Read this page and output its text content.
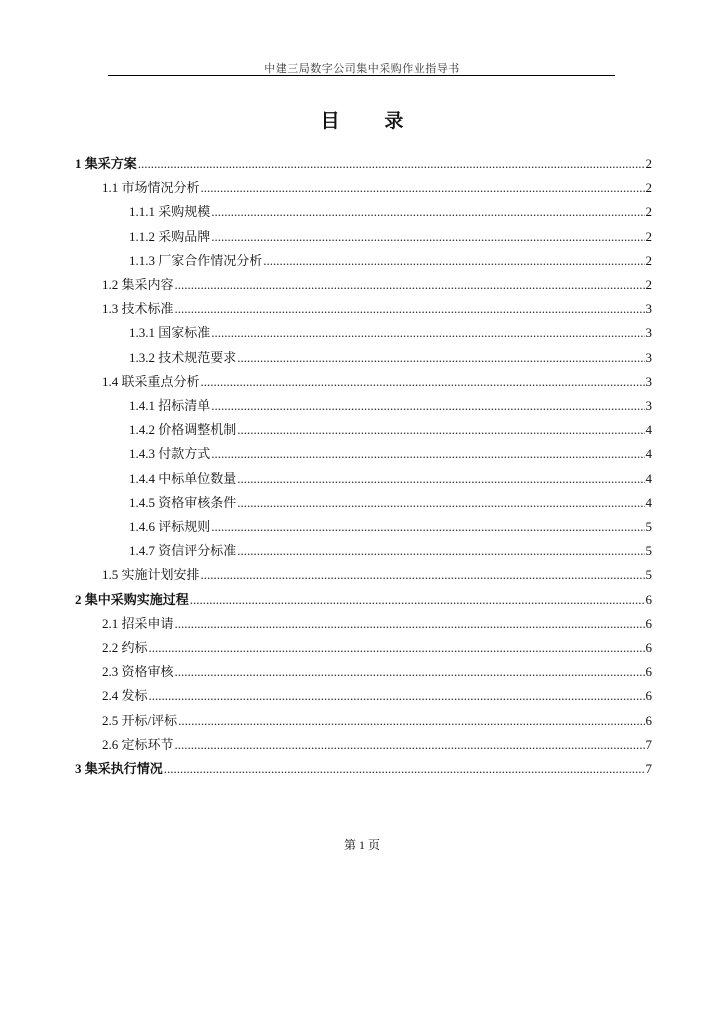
中建三局数字公司集中采购作业指导书
目 录
1 集采方案 .....	2
1.1 市场情况分析 .....	2
1.1.1 采购规模 .....	2
1.1.2 采购品牌 .....	2
1.1.3 厂家合作情况分析 .....	2
1.2 集采内容 .....	2
1.3 技术标准 .....	3
1.3.1 国家标准 .....	3
1.3.2 技术规范要求 .....	3
1.4 联采重点分析 .....	3
1.4.1 招标清单 .....	3
1.4.2 价格调整机制 .....	4
1.4.3 付款方式 .....	4
1.4.4 中标单位数量 .....	4
1.4.5 资格审核条件 .....	4
1.4.6 评标规则 .....	5
1.4.7 资信评分标准 .....	5
1.5 实施计划安排 .....	5
2 集中采购实施过程 .....	6
2.1 招采申请 .....	6
2.2 约标 .....	6
2.3 资格审核 .....	6
2.4 发标 .....	6
2.5 开标/评标 .....	6
2.6 定标环节 .....	7
3 集采执行情况 .....	7
第 1 页
